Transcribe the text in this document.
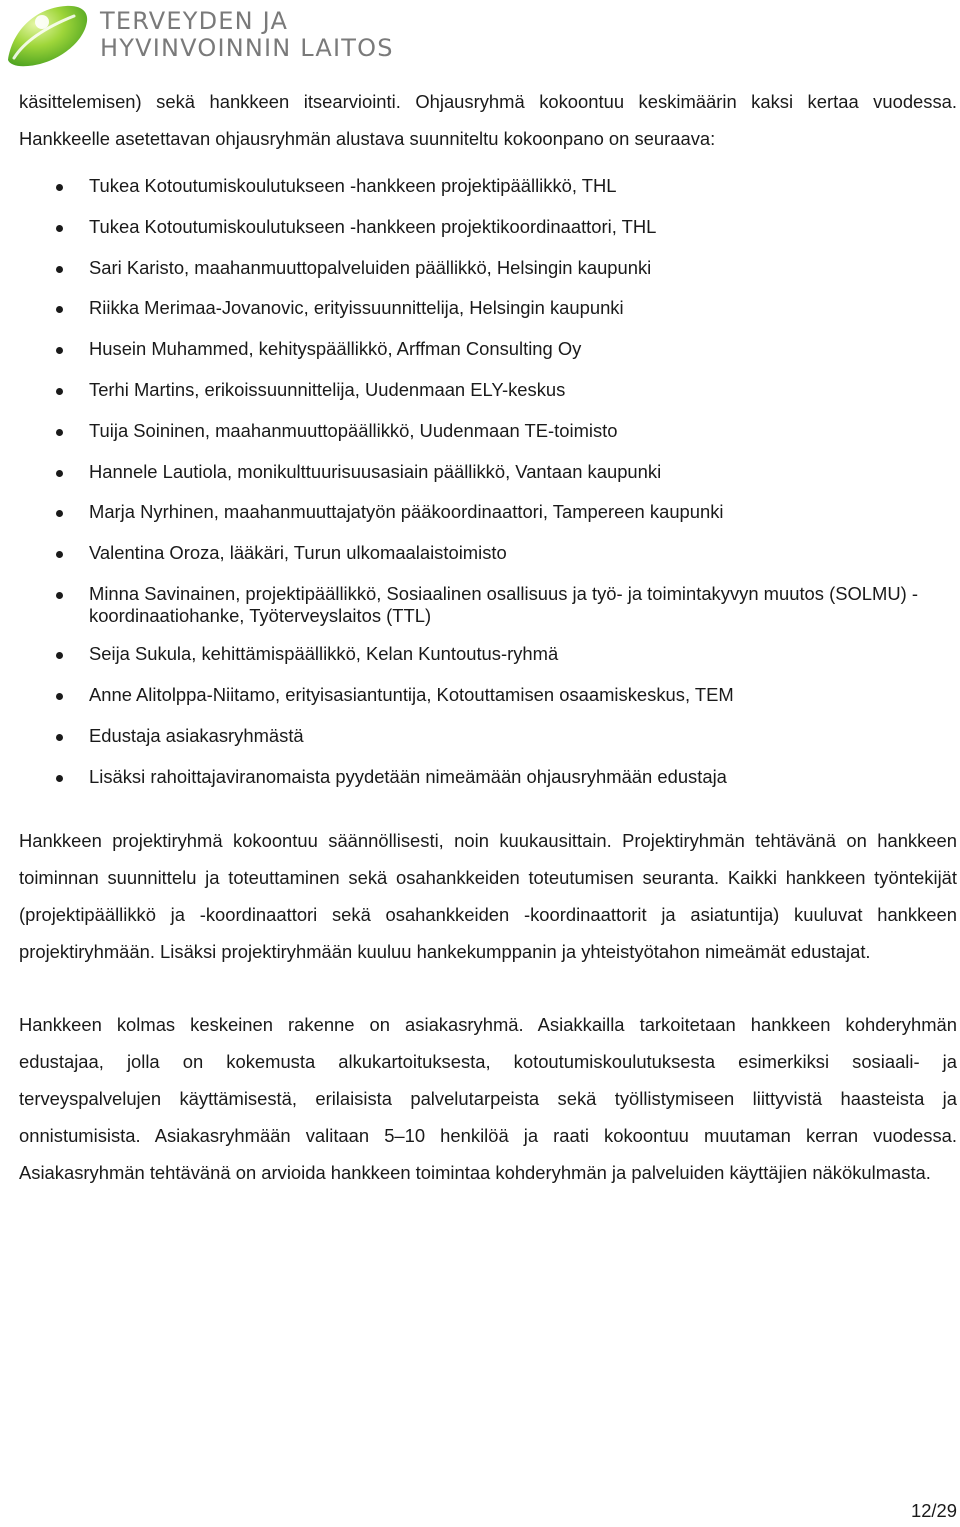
TERVEYDEN JA
HYVINVOINNIN LAITOS

käsittelemisen) sekä hankkeen itsearviointi. Ohjausryhmä kokoontuu keskimäärin kaksi kertaa vuodessa. Hankkeelle asetettavan ohjausryhmän alustava suunniteltu kokoonpano on seuraava:

Tukea Kotoutumiskoulutukseen -hankkeen projektipäällikkö, THL
Tukea Kotoutumiskoulutukseen -hankkeen projektikoordinaattori, THL
Sari Karisto, maahanmuuttopalveluiden päällikkö, Helsingin kaupunki
Riikka Merimaa-Jovanovic, erityissuunnittelija, Helsingin kaupunki
Husein Muhammed, kehityspäällikkö, Arffman Consulting Oy
Terhi Martins, erikoissuunnittelija, Uudenmaan ELY-keskus
Tuija Soininen, maahanmuuttopäällikkö, Uudenmaan TE-toimisto
Hannele Lautiola, monikulttuurisuusasiain päällikkö, Vantaan kaupunki
Marja Nyrhinen, maahanmuuttajatyön pääkoordinaattori, Tampereen kaupunki
Valentina Oroza, lääkäri, Turun ulkomaalaistoimisto
Minna Savinainen, projektipäällikkö, Sosiaalinen osallisuus ja työ- ja toimintakyvyn muutos (SOLMU) -koordinaatiohanke, Työterveyslaitos (TTL)
Seija Sukula, kehittämispäällikkö, Kelan Kuntoutus-ryhmä
Anne Alitolppa-Niitamo, erityisasiantuntija, Kotouttamisen osaamiskeskus, TEM
Edustaja asiakasryhmästä
Lisäksi rahoittajaviranomaista pyydetään nimeämään ohjausryhmään edustaja

Hankkeen projektiryhmä kokoontuu säännöllisesti, noin kuukausittain. Projektiryhmän tehtävänä on hankkeen toiminnan suunnittelu ja toteuttaminen sekä osahankkeiden toteutumisen seuranta. Kaikki hankkeen työntekijät (projektipäällikkö ja -koordinaattori sekä osahankkeiden -koordinaattorit ja asiatuntija) kuuluvat hankkeen projektiryhmään. Lisäksi projektiryhmään kuuluu hankekumppanin ja yhteistyötahon nimeämät edustajat.

Hankkeen kolmas keskeinen rakenne on asiakasryhmä. Asiakkailla tarkoitetaan hankkeen kohderyhmän edustajaa, jolla on kokemusta alkukartoituksesta, kotoutumiskoulutuksesta esimerkiksi sosiaali- ja terveyspalvelujen käyttämisestä, erilaisista palvelutarpeista sekä työllistymiseen liittyvistä haasteista ja onnistumisista. Asiakasryhmään valitaan 5–10 henkilöä ja raati kokoontuu muutaman kerran vuodessa. Asiakasryhmän tehtävänä on arvioida hankkeen toimintaa kohderyhmän ja palveluiden käyttäjien näkökulmasta.

12/29
